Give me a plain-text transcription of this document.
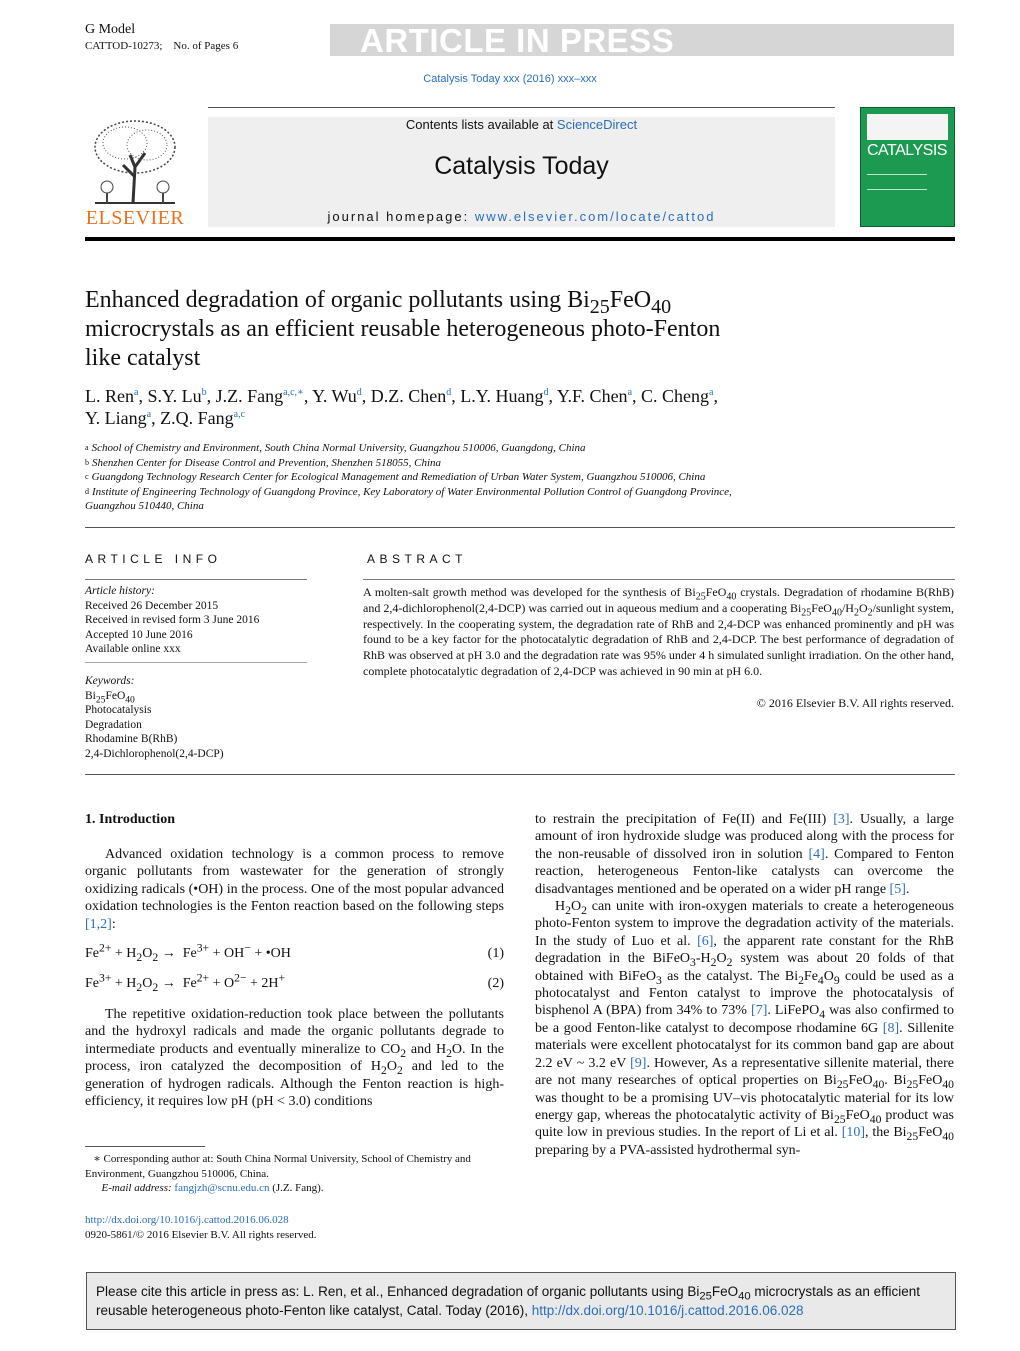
G Model
CATTOD-10273; No. of Pages 6	ARTICLE IN PRESS
Catalysis Today xxx (2016) xxx–xxx
ELSEVIER
Contents lists available at ScienceDirect
Catalysis Today
journal homepage: www.elsevier.com/locate/cattod
CATALYSIS
Enhanced degradation of organic pollutants using $Bi_{25}FeO_{40}$
microcrystals as an efficient reusable heterogeneous photo-Fenton
like catalyst
L. Ren$^a$, S.Y. Lu$^b$, J.Z. Fang$^{a,c,∗}$, Y. Wu$^d$, D.Z. Chen$^d$, L.Y. Huang$^d$, Y.F. Chen$^a$, C. Cheng$^a$,
Y. Liang$^a$, Z.Q. Fang$^{a,c}$
$^a$ School of Chemistry and Environment, South China Normal University, Guangzhou 510006, Guangdong, China
$^b$ Shenzhen Center for Disease Control and Prevention, Shenzhen 518055, China
$^c$ Guangdong Technology Research Center for Ecological Management and Remediation of Urban Water System, Guangzhou 510006, China
$^d$ Institute of Engineering Technology of Guangdong Province, Key Laboratory of Water Environmental Pollution Control of Guangdong Province,
Guangzhou 510440, China
ARTICLE INFO	ABSTRACT
Article history:
Received 26 December 2015
Received in revised form 3 June 2016
Accepted 10 June 2016
Available online xxx
Keywords:
$Bi_{25}FeO_{40}$
Photocatalysis
Degradation
Rhodamine B(RhB)
2,4-Dichlorophenol(2,4-DCP)
A molten-salt growth method was developed for the synthesis of $Bi_{25}FeO_{40}$ crystals. Degradation of rhodamine B(RhB) and 2,4-dichlorophenol(2,4-DCP) was carried out in aqueous medium and a cooperating $Bi_{25}FeO_{40}/H_2O_2$/sunlight system, respectively. In the cooperating system, the degradation rate of RhB and 2,4-DCP was enhanced prominently and pH was found to be a key factor for the photocatalytic degradation of RhB and 2,4-DCP. The best performance of degradation of RhB was observed at pH 3.0 and the degradation rate was 95% under 4 h simulated sunlight irradiation. On the other hand, complete photocatalytic degradation of 2,4-DCP was achieved in 90 min at pH 6.0.
© 2016 Elsevier B.V. All rights reserved.
1. Introduction
Advanced oxidation technology is a common process to remove organic pollutants from wastewater for the generation of strongly oxidizing radicals (•OH) in the process. One of the most popular advanced oxidation technologies is the Fenton reaction based on the following steps [1,2]:
$Fe^{2+} + H_2O_2 \to Fe^{3+} + OH^-$ + •OH	(1)
$Fe^{3+} + H_2O_2 \to Fe^{2+} + O^{2-} + 2H^+$	(2)
The repetitive oxidation-reduction took place between the pollutants and the hydroxyl radicals and made the organic pollutants degrade to intermediate products and eventually mineralize to $CO_2$ and $H_2O$. In the process, iron catalyzed the decomposition of $H_2O_2$ and led to the generation of hydrogen radicals. Although the Fenton reaction is high-efficiency, it requires low pH (pH < 3.0) conditions

to restrain the precipitation of Fe(II) and Fe(III) [3]. Usually, a large amount of iron hydroxide sludge was produced along with the process for the non-reusable of dissolved iron in solution [4]. Compared to Fenton reaction, heterogeneous Fenton-like catalysts can overcome the disadvantages mentioned and be operated on a wider pH range [5].

$H_2O_2$ can unite with iron-oxygen materials to create a heterogeneous photo-Fenton system to improve the degradation activity of the materials. In the study of Luo et al. [6], the apparent rate constant for the RhB degradation in the $BiFeO_3-H_2O_2$ system was about 20 folds of that obtained with BiFeO$_3$ as the catalyst. The $Bi_2Fe_4O_9$ could be used as a photocatalyst and Fenton catalyst to improve the photocatalysis of bisphenol A (BPA) from 34% to 73% [7]. LiFePO$_4$ was also confirmed to be a good Fenton-like catalyst to decompose rhodamine 6G [8]. Sillenite materials were excellent photocatalyst for its common band gap are about 2.2 eV ~ 3.2 eV [9]. However, As a representative sillenite material, there are not many researches of optical properties on $Bi_{25}FeO_{40}$. $Bi_{25}FeO_{40}$ was thought to be a promising UV–vis photocatalytic material for its low energy gap, whereas the photocatalytic activity of $Bi_{25}FeO_{40}$ product was quite low in previous studies. In the report of Li et al. [10], the $Bi_{25}FeO_{40}$ preparing by a PVA-assisted hydrothermal syn-

∗ Corresponding author at: South China Normal University, School of Chemistry and Environment, Guangzhou 510006, China.
E-mail address: fangjzh@scnu.edu.cn (J.Z. Fang).
http://dx.doi.org/10.1016/j.cattod.2016.06.028
0920-5861/© 2016 Elsevier B.V. All rights reserved.
Please cite this article in press as: L. Ren, et al., Enhanced degradation of organic pollutants using $Bi_{25}FeO_{40}$ microcrystals as an efficient reusable heterogeneous photo-Fenton like catalyst, Catal. Today (2016), http://dx.doi.org/10.1016/j.cattod.2016.06.028
